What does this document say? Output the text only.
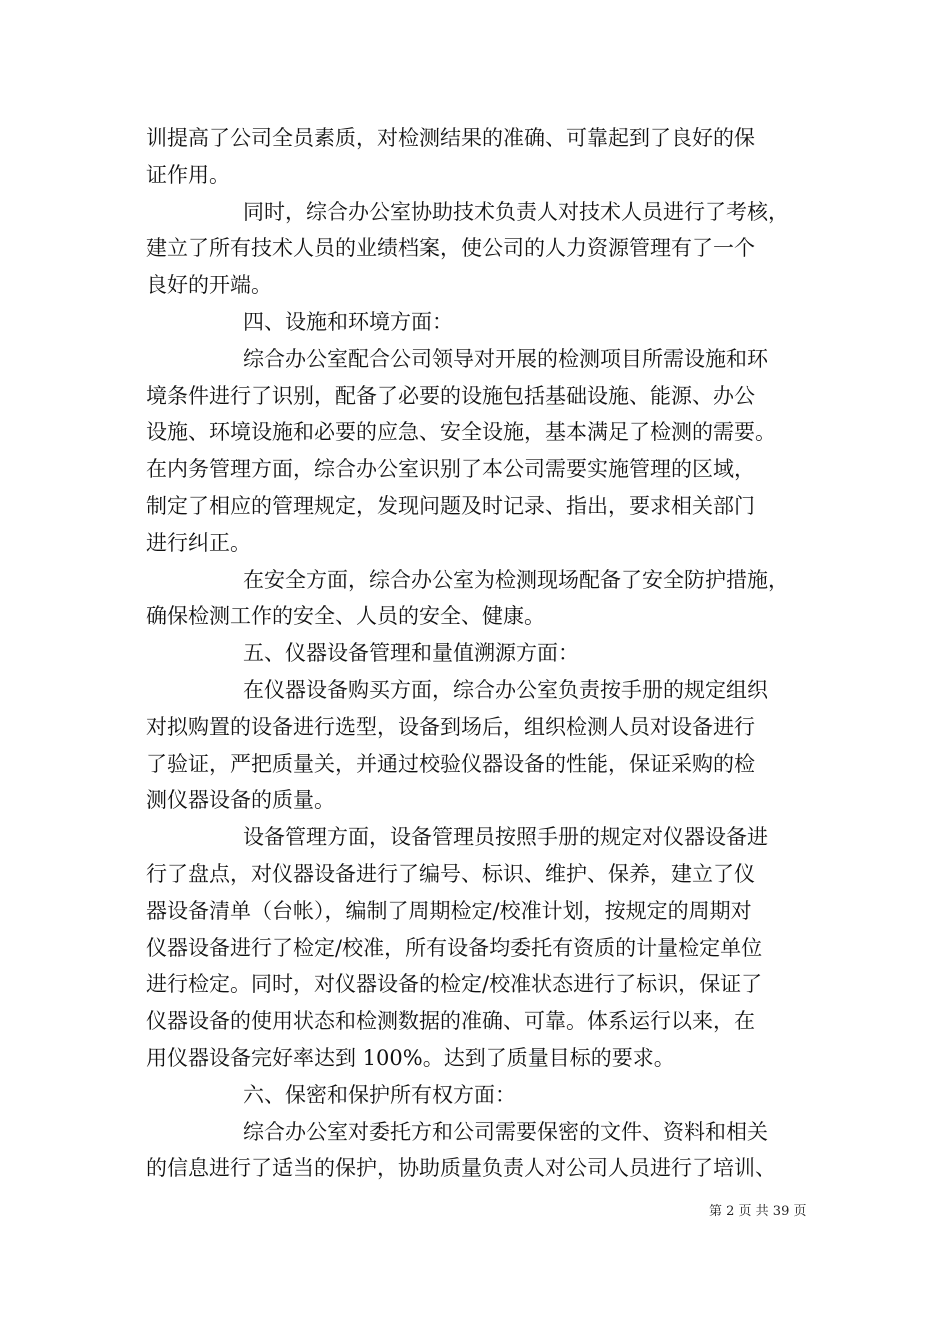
训提高了公司全员素质，对检测结果的准确、可靠起到了良好的保
证作用。
同时，综合办公室协助技术负责人对技术人员进行了考核，
建立了所有技术人员的业绩档案，使公司的人力资源管理有了一个
良好的开端。
四、设施和环境方面：
综合办公室配合公司领导对开展的检测项目所需设施和环
境条件进行了识别，配备了必要的设施包括基础设施、能源、办公
设施、环境设施和必要的应急、安全设施，基本满足了检测的需要。
在内务管理方面，综合办公室识别了本公司需要实施管理的区域，
制定了相应的管理规定，发现问题及时记录、指出，要求相关部门
进行纠正。
在安全方面，综合办公室为检测现场配备了安全防护措施，
确保检测工作的安全、人员的安全、健康。
五、仪器设备管理和量值溯源方面：
在仪器设备购买方面，综合办公室负责按手册的规定组织
对拟购置的设备进行选型，设备到场后，组织检测人员对设备进行
了验证，严把质量关，并通过校验仪器设备的性能，保证采购的检
测仪器设备的质量。
设备管理方面，设备管理员按照手册的规定对仪器设备进
行了盘点，对仪器设备进行了编号、标识、维护、保养，建立了仪
器设备清单（台帐），编制了周期检定/校准计划，按规定的周期对
仪器设备进行了检定/校准，所有设备均委托有资质的计量检定单位
进行检定。同时，对仪器设备的检定/校准状态进行了标识，保证了
仪器设备的使用状态和检测数据的准确、可靠。体系运行以来，在
用仪器设备完好率达到 100%。达到了质量目标的要求。
六、保密和保护所有权方面：
综合办公室对委托方和公司需要保密的文件、资料和相关
的信息进行了适当的保护，协助质量负责人对公司人员进行了培训、
第 2 页 共 39 页
